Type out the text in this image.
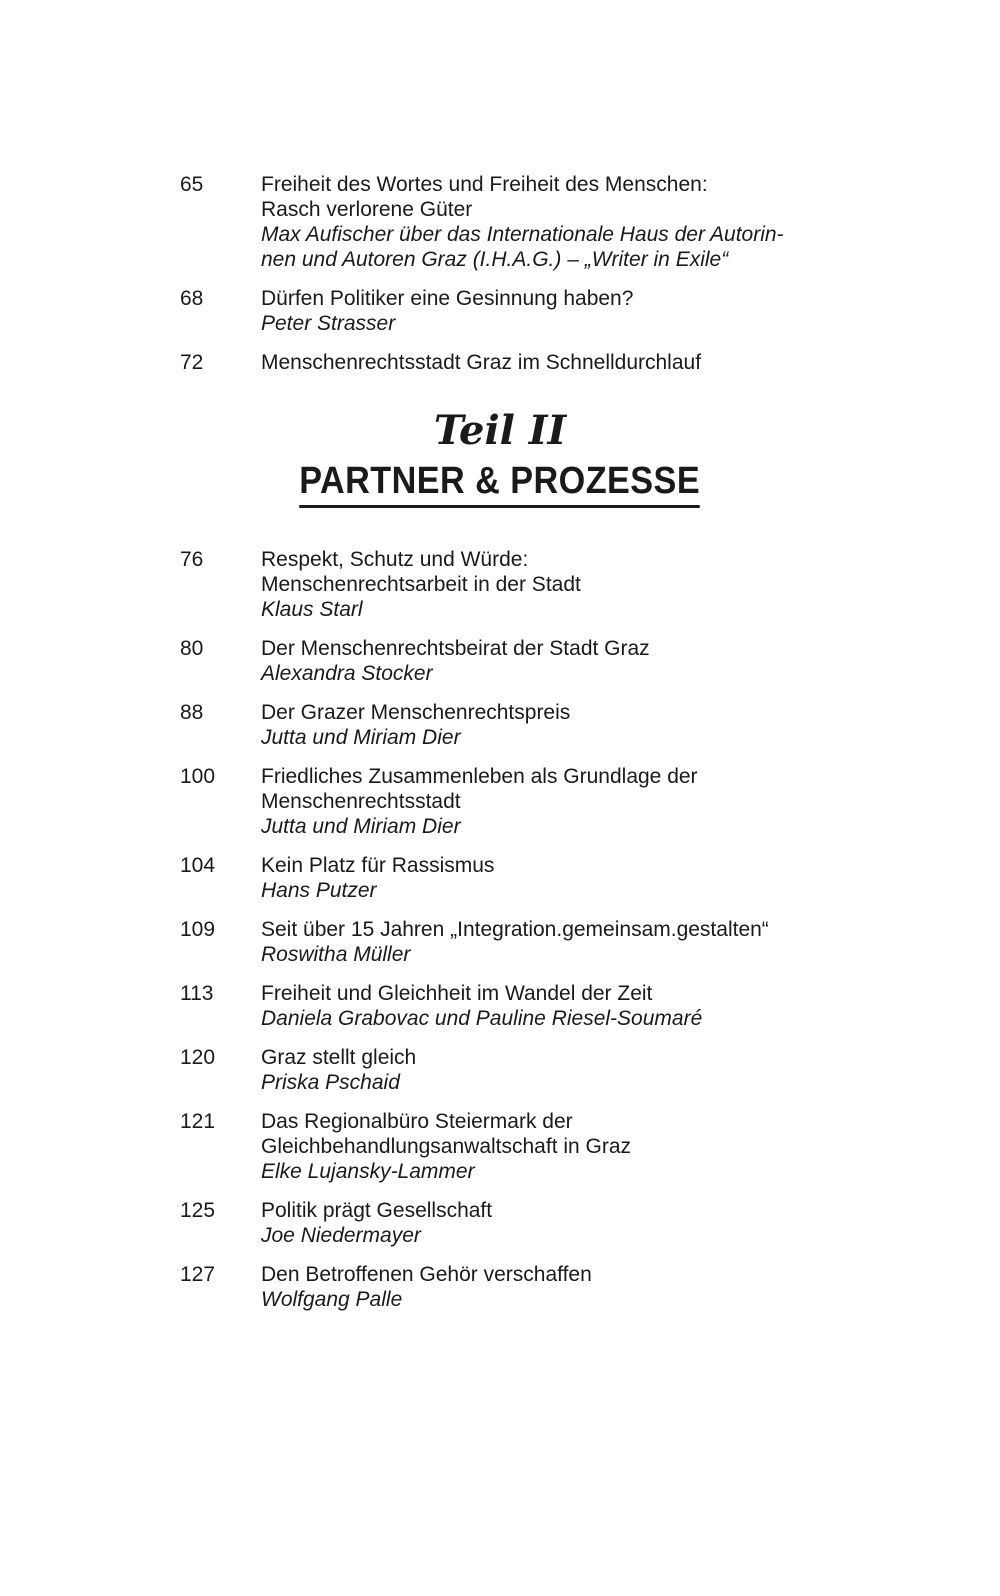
65	Freiheit des Wortes und Freiheit des Menschen:
Rasch verlorene Güter
Max Aufischer über das Internationale Haus der Autorin-
nen und Autoren Graz (I.H.A.G.) – „Writer in Exile“
68	Dürfen Politiker eine Gesinnung haben?
Peter Strasser
72	Menschenrechtsstadt Graz im Schnelldurchlauf
Teil II
PARTNER & PROZESSE
76	Respekt, Schutz und Würde:
Menschenrechtsarbeit in der Stadt
Klaus Starl
80	Der Menschenrechtsbeirat der Stadt Graz
Alexandra Stocker
88	Der Grazer Menschenrechtspreis
Jutta und Miriam Dier
100	Friedliches Zusammenleben als Grundlage der
Menschenrechtsstadt
Jutta und Miriam Dier
104	Kein Platz für Rassismus
Hans Putzer
109	Seit über 15 Jahren „Integration.gemeinsam.gestalten“
Roswitha Müller
113	Freiheit und Gleichheit im Wandel der Zeit
Daniela Grabovac und Pauline Riesel-Soumaré
120	Graz stellt gleich
Priska Pschaid
121	Das Regionalbüro Steiermark der
Gleichbehandlungsanwaltschaft in Graz
Elke Lujansky-Lammer
125	Politik prägt Gesellschaft
Joe Niedermayer
127	Den Betroffenen Gehör verschaffen
Wolfgang Palle
